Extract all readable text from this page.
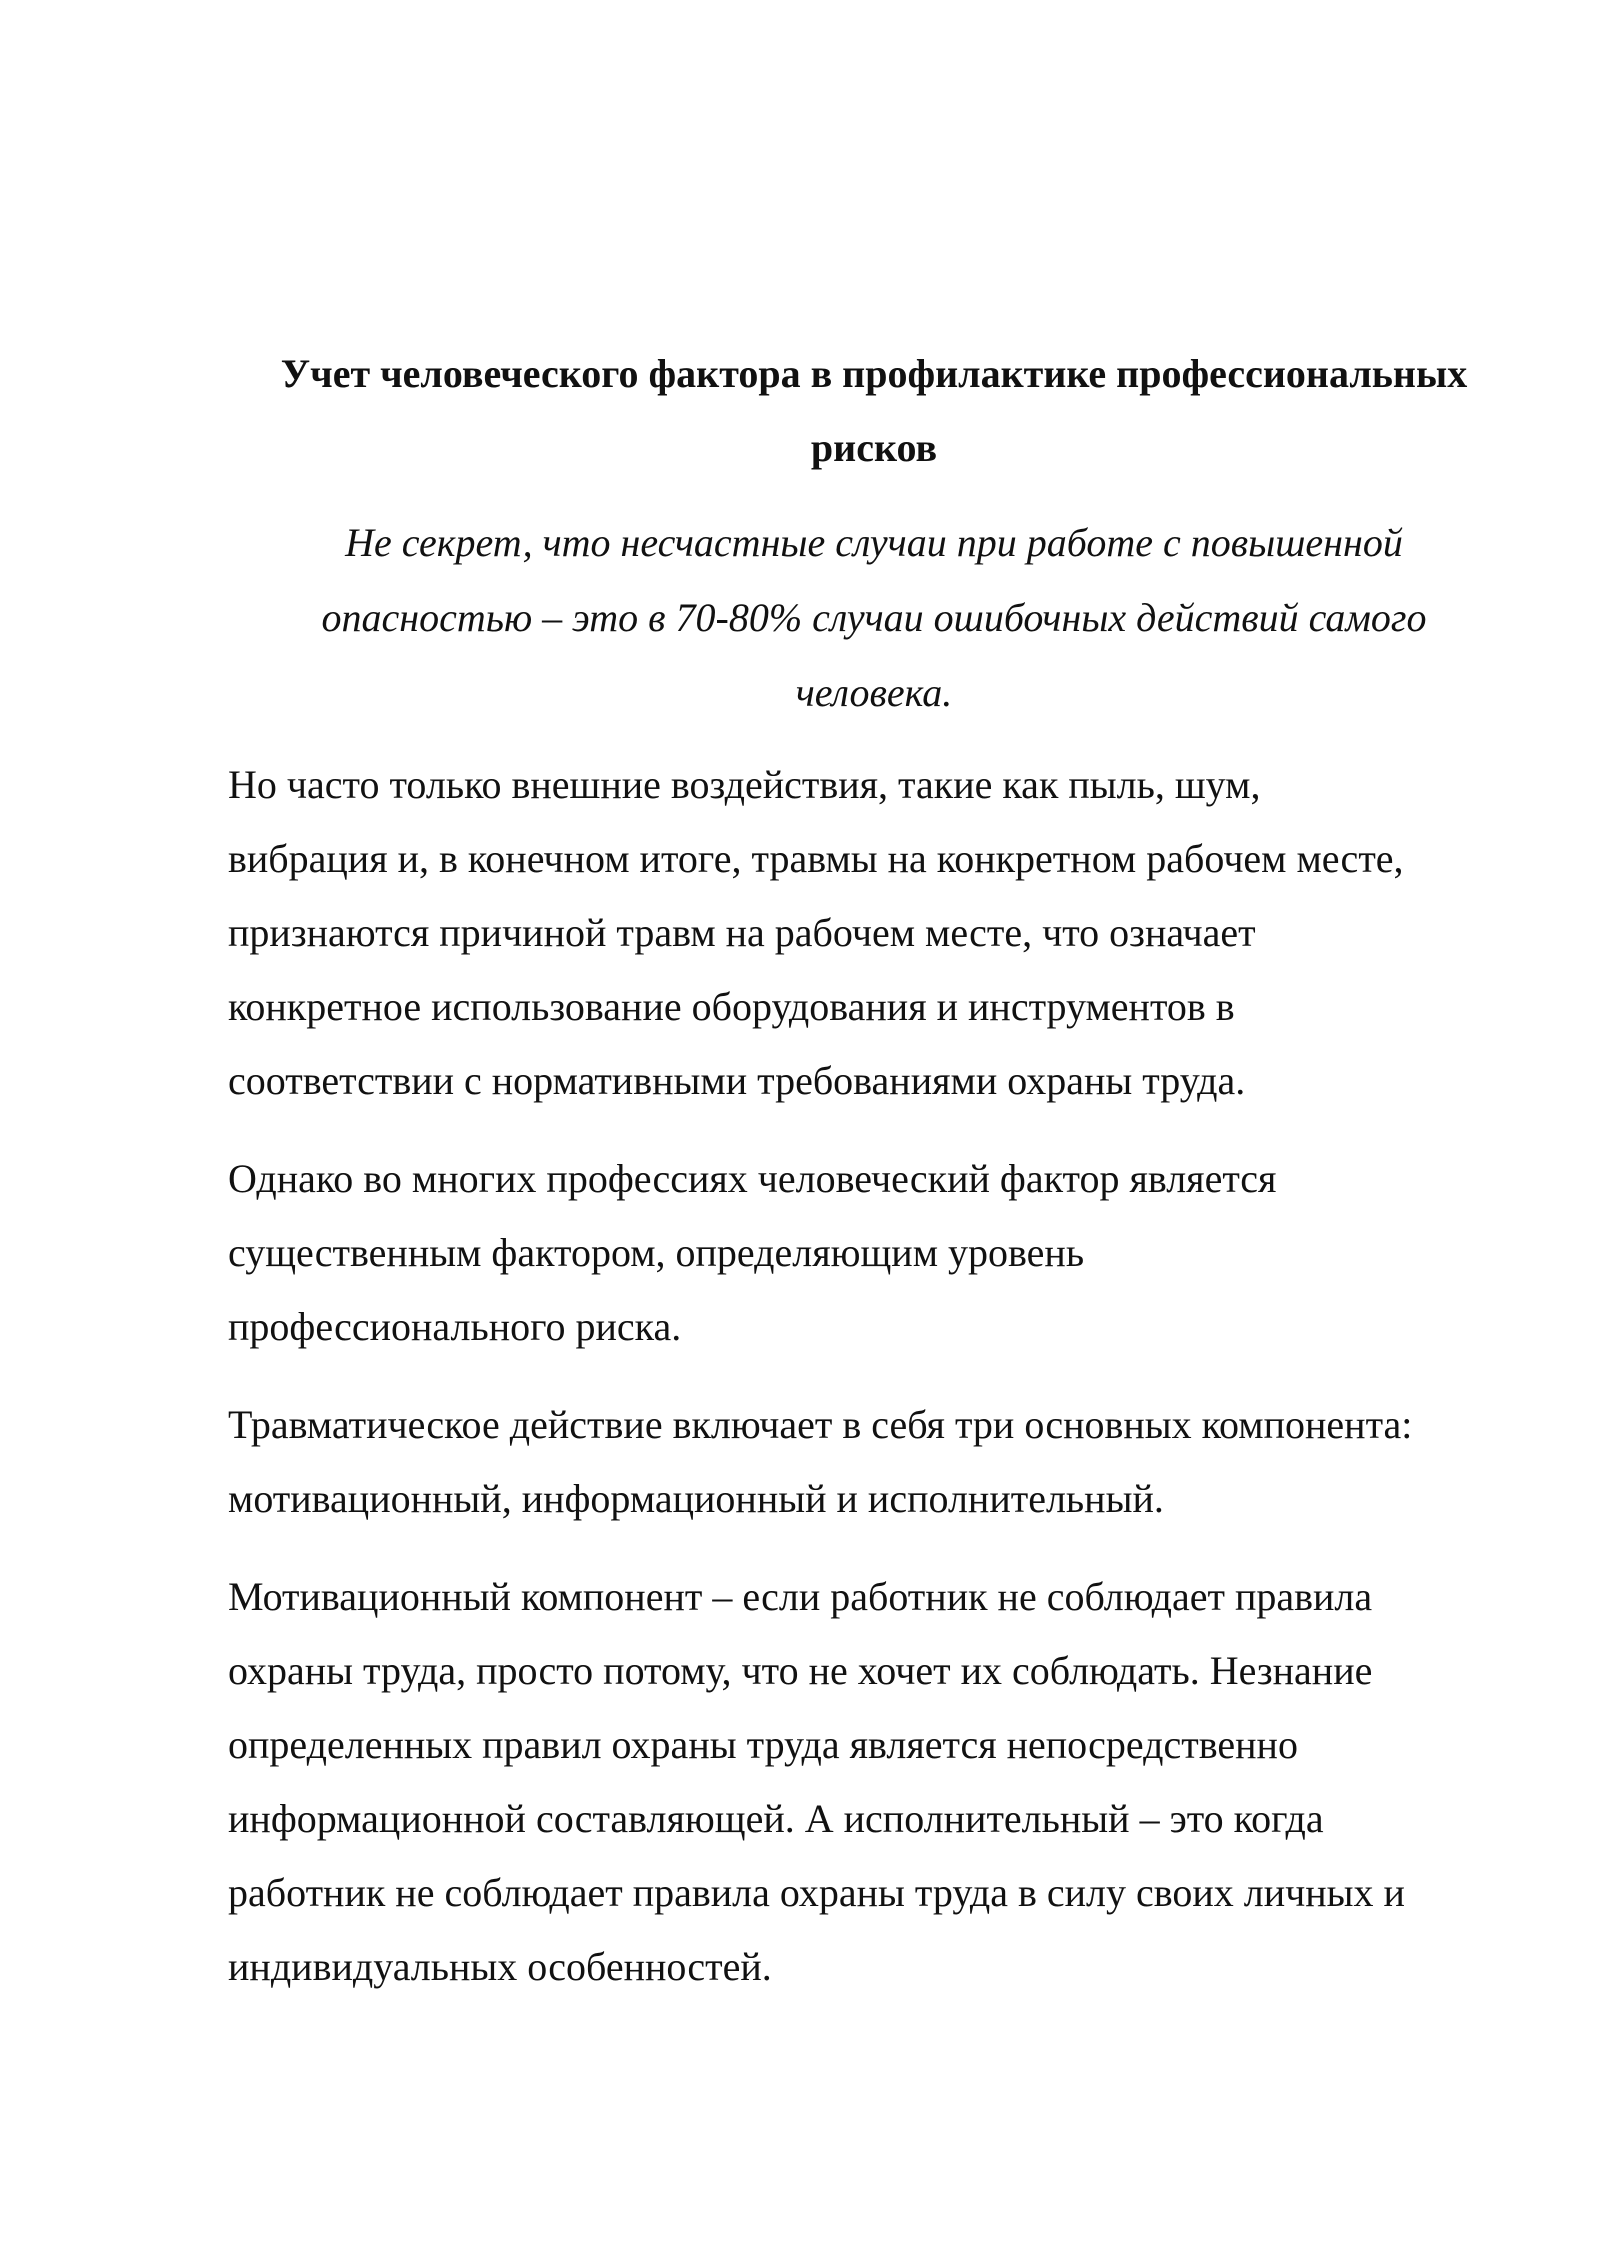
Учет человеческого фактора в профилактике профессиональных
рисков
Не секрет, что несчастные случаи при работе с повышенной
опасностью – это в 70-80% случаи ошибочных действий самого
человека.

Но часто только внешние воздействия, такие как пыль, шум,
вибрация и, в конечном итоге, травмы на конкретном рабочем месте,
признаются причиной травм на рабочем месте, что означает
конкретное использование оборудования и инструментов в
соответствии с нормативными требованиями охраны труда.

Однако во многих профессиях человеческий фактор является
существенным фактором, определяющим уровень
профессионального риска.

Травматическое действие включает в себя три основных компонента:
мотивационный, информационный и исполнительный.

Мотивационный компонент – если работник не соблюдает правила
охраны труда, просто потому, что не хочет их соблюдать. Незнание
определенных правил охраны труда является непосредственно
информационной составляющей. А исполнительный – это когда
работник не соблюдает правила охраны труда в силу своих личных и
индивидуальных особенностей.
